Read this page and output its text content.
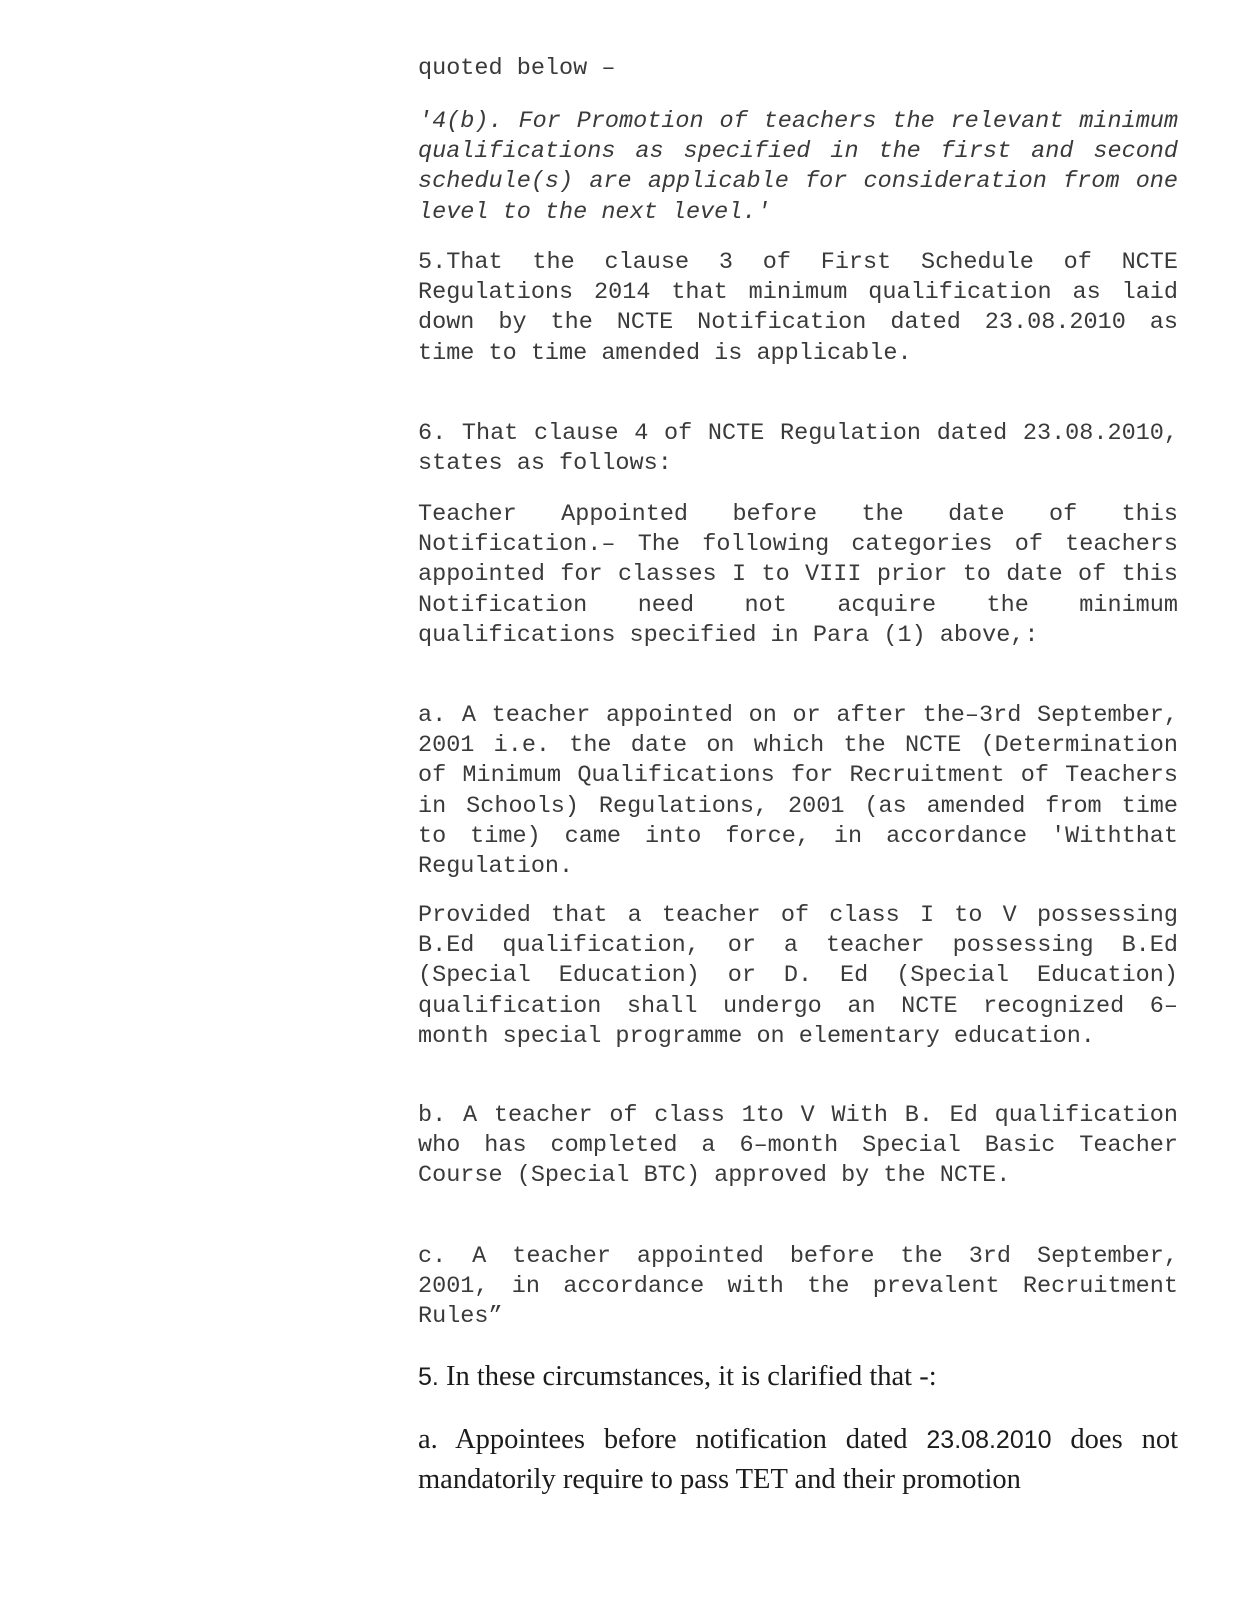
quoted below –

'4(b). For Promotion of teachers the relevant minimum qualifications as specified in the first and second schedule(s) are applicable for consideration from one level to the next level.'

5.That the clause 3 of First Schedule of NCTE Regulations 2014 that minimum qualification as laid down by the NCTE Notification dated 23.08.2010 as time to time amended is applicable.

6. That clause 4 of NCTE Regulation dated 23.08.2010, states as follows:

Teacher Appointed before the date of this Notification.– The following categories of teachers appointed for classes I to VIII prior to date of this Notification need not acquire the minimum qualifications specified in Para (1) above,:

a. A teacher appointed on or after the–3rd September, 2001 i.e. the date on which the NCTE (Determination of Minimum Qualifications for Recruitment of Teachers in Schools) Regulations, 2001 (as amended from time to time) came into force, in accordance 'Withthat Regulation.

Provided that a teacher of class I to V possessing B.Ed qualification, or a teacher possessing B.Ed (Special Education) or D. Ed (Special Education) qualification shall undergo an NCTE recognized 6–month special programme on elementary education.

b. A teacher of class 1to V With B. Ed qualification who has completed a 6–month Special Basic Teacher Course (Special BTC) approved by the NCTE.

c. A teacher appointed before the 3rd September, 2001, in accordance with the prevalent Recruitment Rules”

5. In these circumstances, it is clarified that -:

a. Appointees before notification dated 23.08.2010 does not mandatorily require to pass TET and their promotion
